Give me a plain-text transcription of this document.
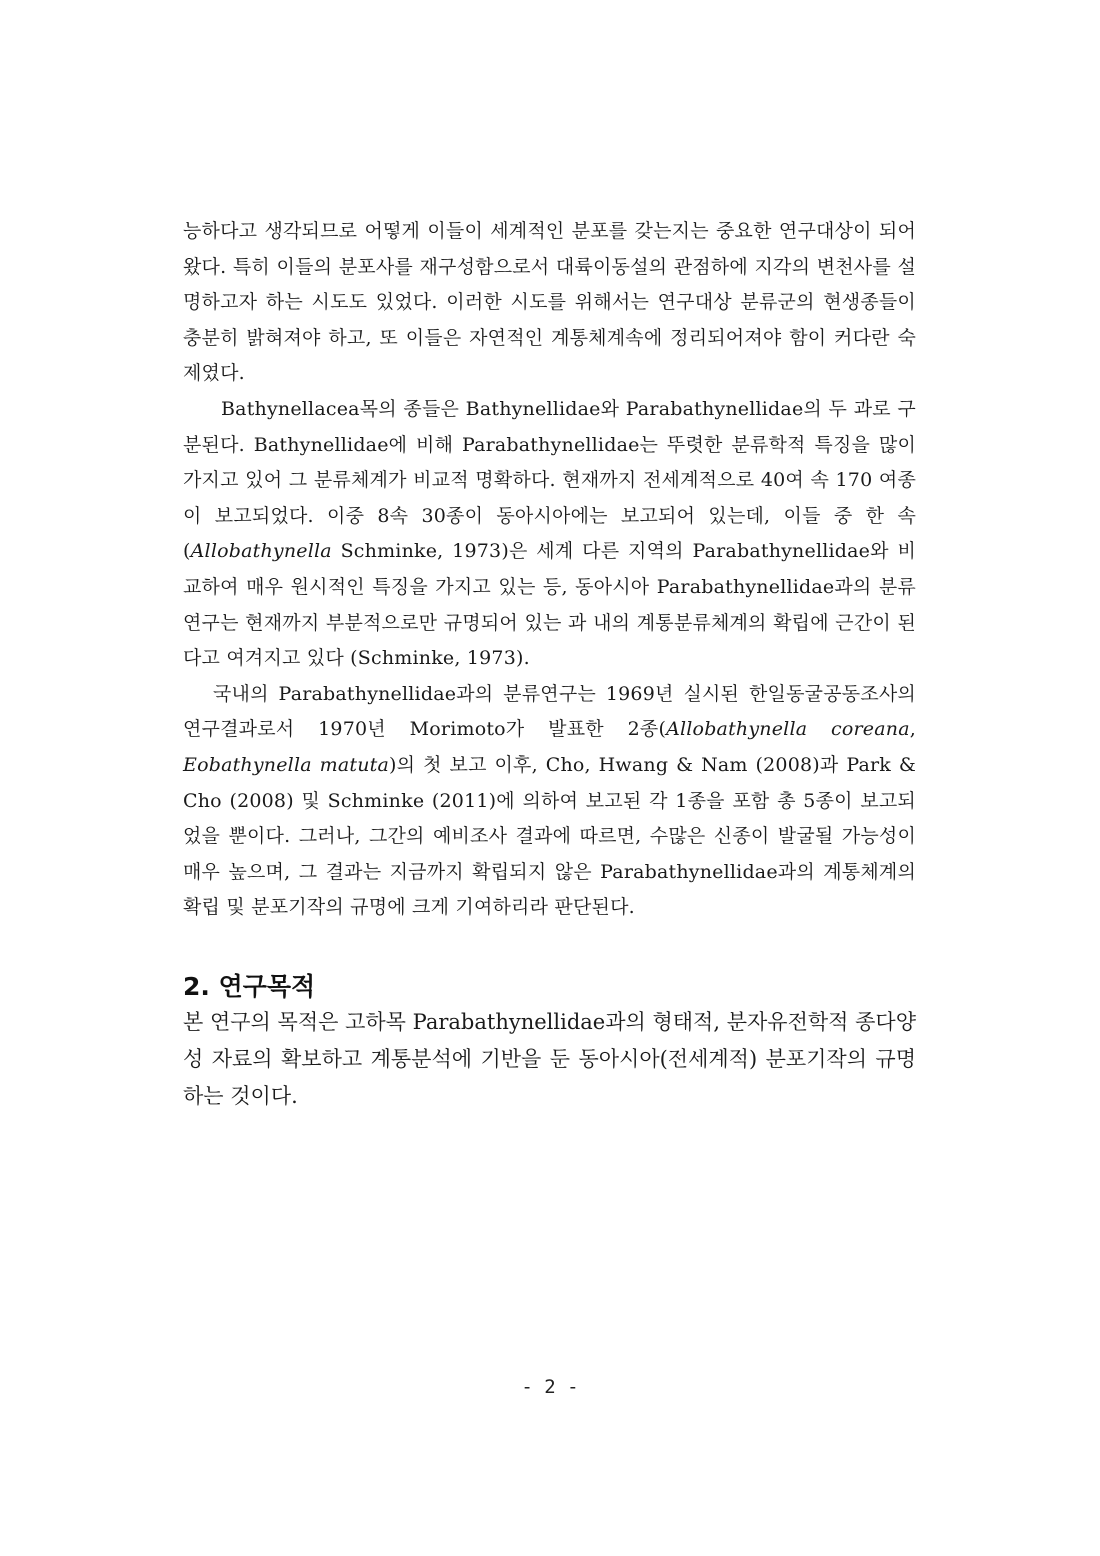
능하다고 생각되므로 어떻게 이들이 세계적인 분포를 갖는지는 중요한 연구대상이 되어왔다. 특히 이들의 분포사를 재구성함으로서 대륙이동설의 관점하에 지각의 변천사를 설명하고자 하는 시도도 있었다. 이러한 시도를 위해서는 연구대상 분류군의 현생종들이 충분히 밝혀져야 하고, 또 이들은 자연적인 계통체계속에 정리되어져야 함이 커다란 숙제였다.

Bathynellacea목의 종들은 Bathynellidae와 Parabathynellidae의 두 과로 구분된다. Bathynellidae에 비해 Parabathynellidae는 뚜렷한 분류학적 특징을 많이 가지고 있어 그 분류체계가 비교적 명확하다. 현재까지 전세계적으로 40여 속 170 여종이 보고되었다. 이중 8속 30종이 동아시아에는 보고되어 있는데, 이들 중 한 속(Allobathynella Schminke, 1973)은 세계 다른 지역의 Parabathynellidae와 비교하여 매우 원시적인 특징을 가지고 있는 등, 동아시아 Parabathynellidae과의 분류연구는 현재까지 부분적으로만 규명되어 있는 과 내의 계통분류체계의 확립에 근간이 된다고 여겨지고 있다 (Schminke, 1973).

국내의 Parabathynellidae과의 분류연구는 1969년 실시된 한일동굴공동조사의 연구결과로서 1970년 Morimoto가 발표한 2종(Allobathynella coreana, Eobathynella matuta)의 첫 보고 이후, Cho, Hwang & Nam (2008)과 Park & Cho (2008) 및 Schminke (2011)에 의하여 보고된 각 1종을 포함 총 5종이 보고되었을 뿐이다. 그러나, 그간의 예비조사 결과에 따르면, 수많은 신종이 발굴될 가능성이 매우 높으며, 그 결과는 지금까지 확립되지 않은 Parabathynellidae과의 계통체계의 확립 및 분포기작의 규명에 크게 기여하리라 판단된다.

2. 연구목적

본 연구의 목적은 고하목 Parabathynellidae과의 형태적, 분자유전학적 종다양성 자료의 확보하고 계통분석에 기반을 둔 동아시아(전세계적) 분포기작의 규명하는 것이다.

- 2 -
